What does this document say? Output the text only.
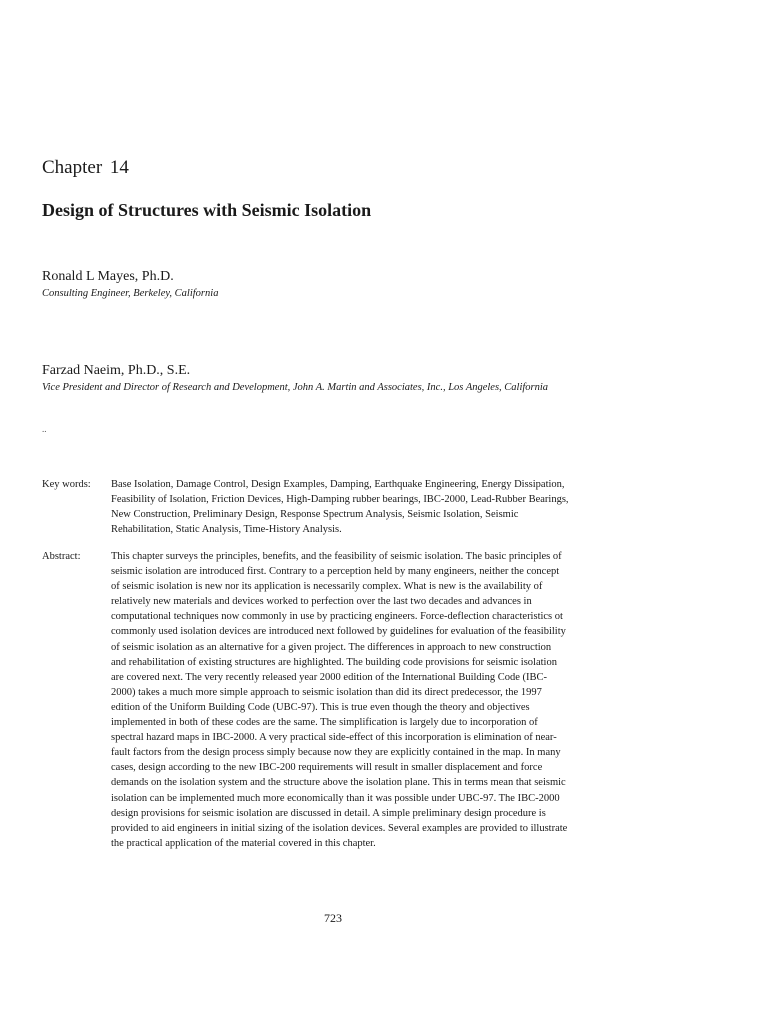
Chapter 14
Design of Structures with Seismic Isolation
Ronald L Mayes, Ph.D.
Consulting Engineer, Berkeley, California
Farzad Naeim, Ph.D., S.E.
Vice President and Director of Research and Development, John A. Martin and Associates, Inc., Los Angeles, California
..
Key words: Base Isolation, Damage Control, Design Examples, Damping, Earthquake Engineering, Energy Dissipation,
Feasibility of Isolation, Friction Devices, High-Damping rubber bearings, IBC-2000, Lead-Rubber Bearings,
New Construction, Preliminary Design, Response Spectrum Analysis, Seismic Isolation, Seismic
Rehabilitation, Static Analysis, Time-History Analysis.
Abstract:	This chapter surveys the principles, benefits, and the feasibility of seismic isolation. The basic principles of
seismic isolation are introduced first. Contrary to a perception held by many engineers, neither the concept
of seismic isolation is new nor its application is necessarily complex. What is new is the availability of
relatively new materials and devices worked to perfection over the last two decades and advances in
computational techniques now commonly in use by practicing engineers. Force-deflection characteristics ot
commonly used isolation devices are introduced next followed by guidelines for evaluation of the feasibility
of seismic isolation as an alternative for a given project. The differences in approach to new construction
and rehabilitation of existing structures are highlighted. The building code provisions for seismic isolation
are covered next. The very recently released year 2000 edition of the International Building Code (IBC-
2000) takes a much more simple approach to seismic isolation than did its direct predecessor, the 1997
edition of the Uniform Building Code (UBC-97). This is true even though the theory and objectives
implemented in both of these codes are the same. The simplification is largely due to incorporation of
spectral hazard maps in IBC-2000. A very practical side-effect of this incorporation is elimination of near-
fault factors from the design process simply because now they are explicitly contained in the map. In many
cases, design according to the new IBC-200 requirements will result in smaller displacement and force
demands on the isolation system and the structure above the isolation plane. This in terms mean that seismic
isolation can be implemented much more economically than it was possible under UBC-97. The IBC-2000
design provisions for seismic isolation are discussed in detail. A simple preliminary design procedure is
provided to aid engineers in initial sizing of the isolation devices. Several examples are provided to illustrate
the practical application of the material covered in this chapter.
723
